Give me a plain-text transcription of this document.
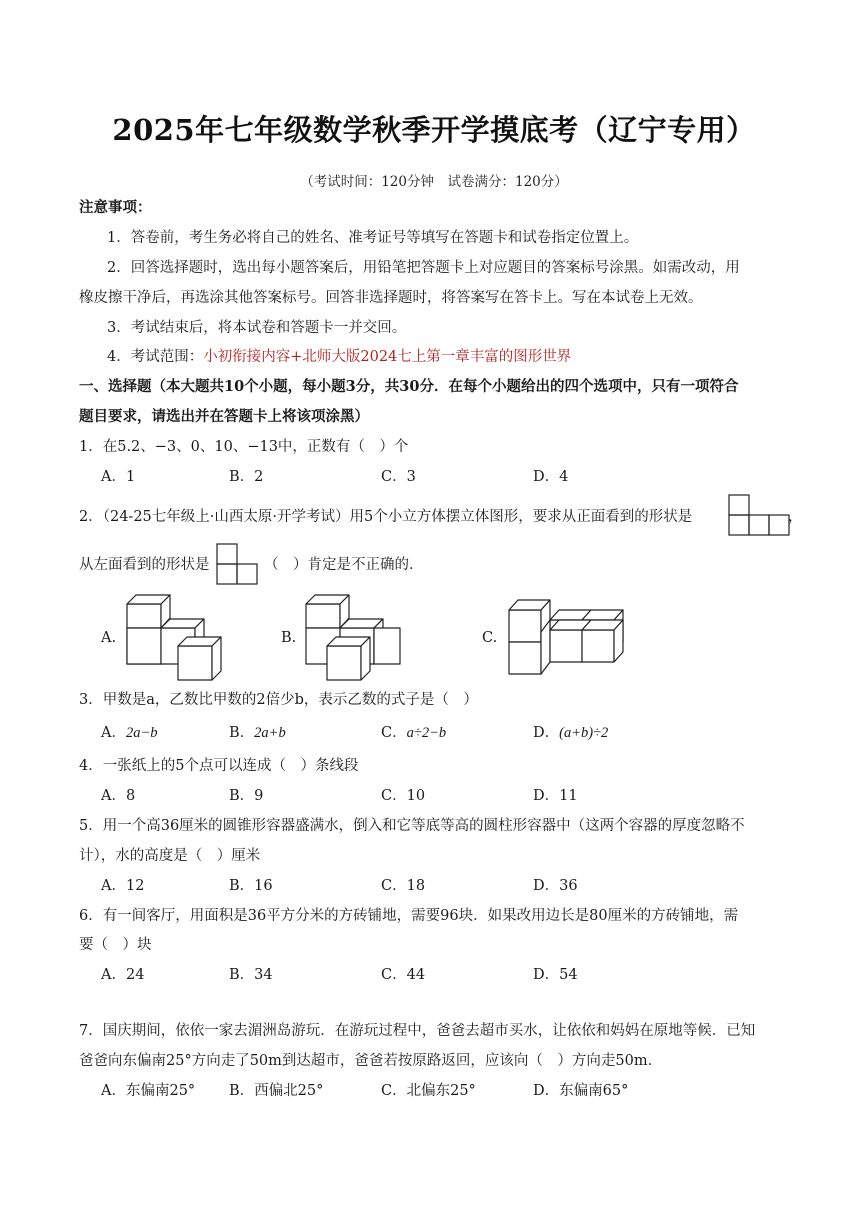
2025年七年级数学秋季开学摸底考（辽宁专用）
（考试时间：120分钟　试卷满分：120分）
注意事项：
1．答卷前，考生务必将自己的姓名、准考证号等填写在答题卡和试卷指定位置上。
2．回答选择题时，选出每小题答案后，用铅笔把答题卡上对应题目的答案标号涂黑。如需改动，用
橡皮擦干净后，再选涂其他答案标号。回答非选择题时，将答案写在答卡上。写在本试卷上无效。
3．考试结束后，将本试卷和答题卡一并交回。
4．考试范围：小初衔接内容+北师大版2024七上第一章丰富的图形世界
一、选择题（本大题共10个小题，每小题3分，共30分．在每个小题给出的四个选项中，只有一项符合
题目要求，请选出并在答题卡上将该项涂黑）
1．在5.2、−3、0、10、−13中，正数有（　）个
A．1	B．2	C．3	D．4
2．（24-25七年级上·山西太原·开学考试）用5个小立方体摆立体图形，要求从正面看到的形状是	，
从左面看到的形状是	（　）肯定是不正确的．
A.	B.	C.
3．甲数是a，乙数比甲数的2倍少b，表示乙数的式子是（　）
A．2a−b	B．2a+b	C．a÷2−b	D．(a+b)÷2
4．一张纸上的5个点可以连成（　）条线段
A．8	B．9	C．10	D．11
5．用一个高36厘米的圆锥形容器盛满水，倒入和它等底等高的圆柱形容器中（这两个容器的厚度忽略不
计），水的高度是（　）厘米
A．12	B．16	C．18	D．36
6．有一间客厅，用面积是36平方分米的方砖铺地，需要96块．如果改用边长是80厘米的方砖铺地，需
要（　）块
A．24	B．34	C．44	D．54
7．国庆期间，依依一家去湄洲岛游玩．在游玩过程中，爸爸去超市买水，让依依和妈妈在原地等候．已知
爸爸向东偏南25°方向走了50m到达超市，爸爸若按原路返回，应该向（　）方向走50m．
A．东偏南25° B．西偏北25°	C．北偏东25°	D．东偏南65°
